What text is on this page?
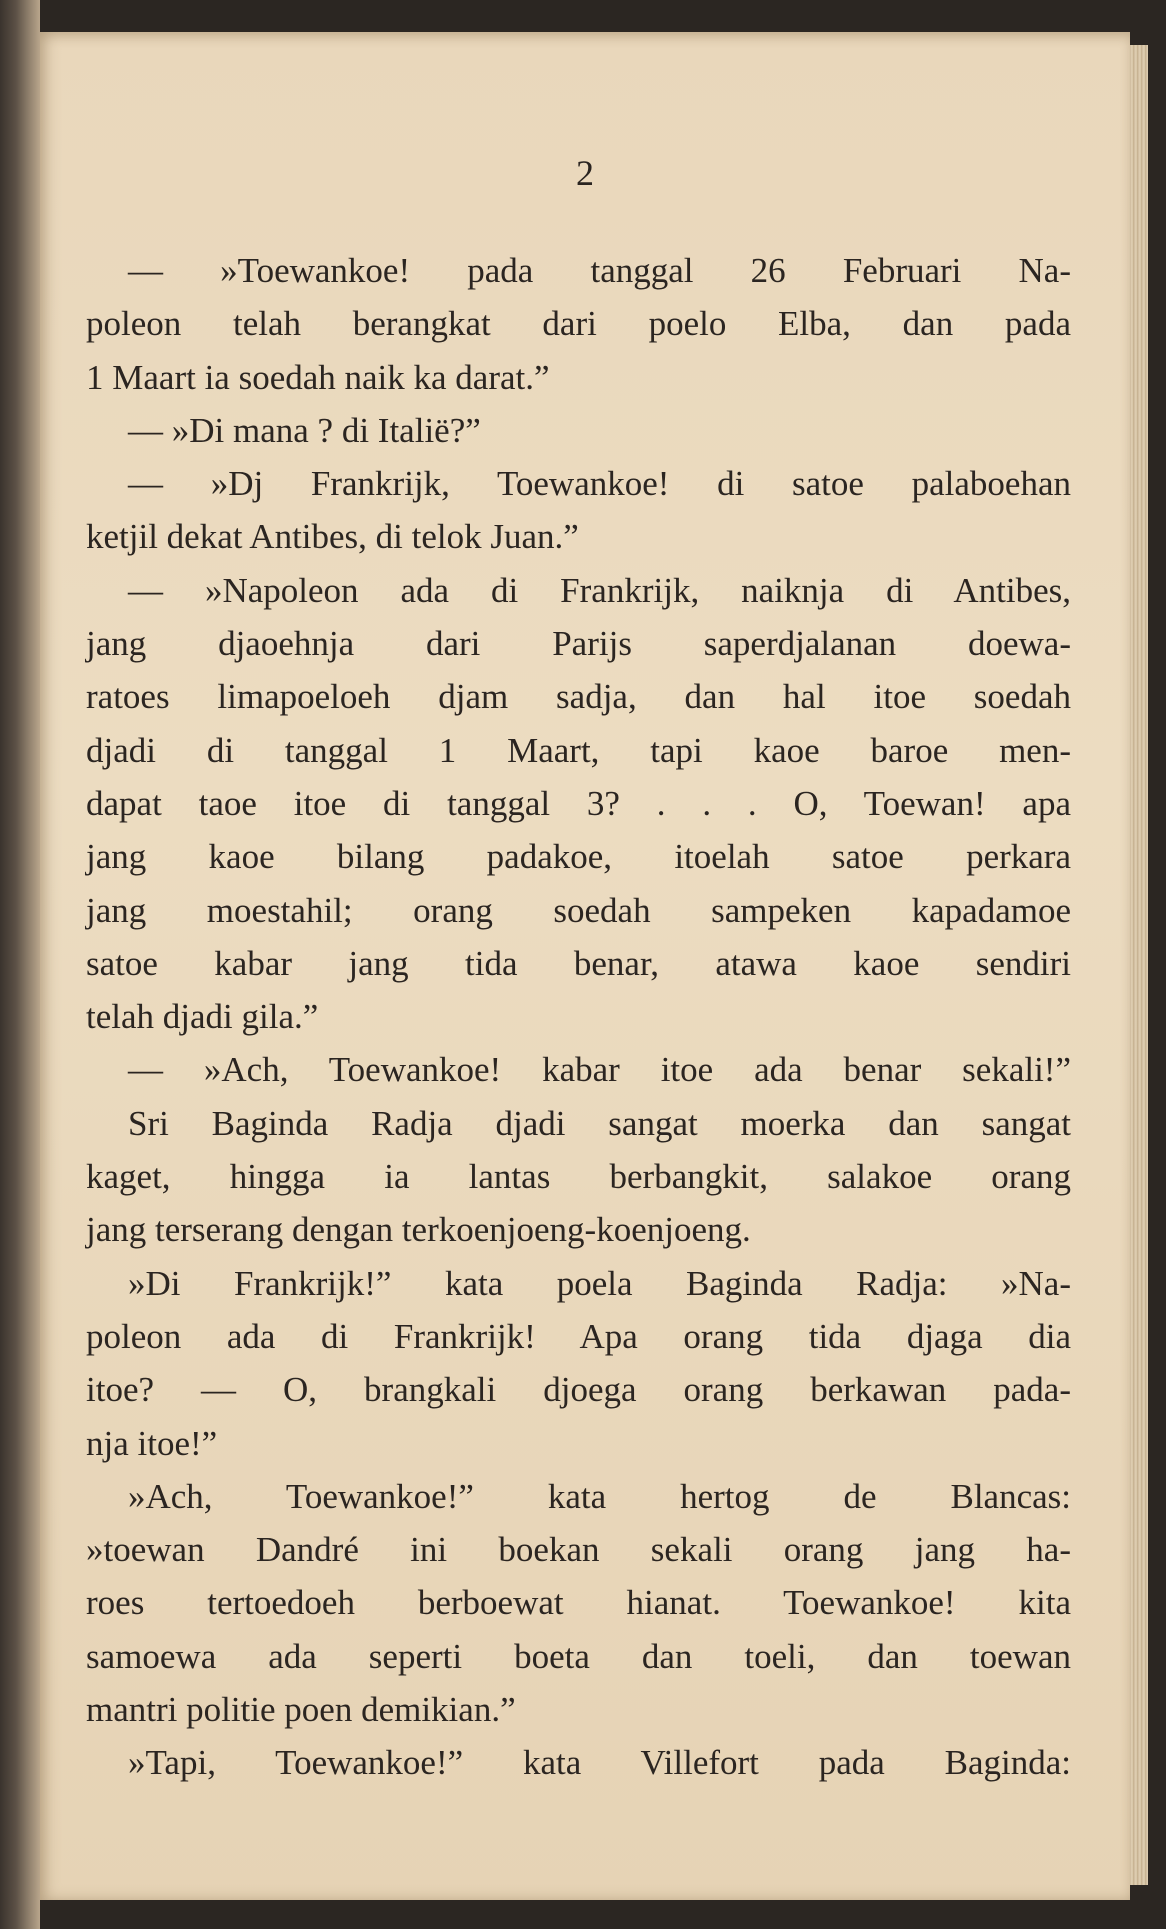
2
— »Toewankoe! pada tanggal 26 Februari Na-
poleon telah berangkat dari poelo Elba, dan pada
1 Maart ia soedah naik ka darat.”
— »Di mana ? di Italië?”
— »Dj Frankrijk, Toewankoe! di satoe palaboehan
ketjil dekat Antibes, di telok Juan.”
— »Napoleon ada di Frankrijk, naiknja di Antibes,
jang djaoehnja dari Parijs saperdjalanan doewa-
ratoes limapoeloeh djam sadja, dan hal itoe soedah
djadi di tanggal 1 Maart, tapi kaoe baroe men-
dapat taoe itoe di tanggal 3? . . . O, Toewan! apa
jang kaoe bilang padakoe, itoelah satoe perkara
jang moestahil; orang soedah sampeken kapadamoe
satoe kabar jang tida benar, atawa kaoe sendiri
telah djadi gila.”
— »Ach, Toewankoe! kabar itoe ada benar sekali!”
Sri Baginda Radja djadi sangat moerka dan sangat
kaget, hingga ia lantas berbangkit, salakoe orang
jang terserang dengan terkoenjoeng-koenjoeng.
»Di Frankrijk!” kata poela Baginda Radja: »Na-
poleon ada di Frankrijk! Apa orang tida djaga dia
itoe? — O, brangkali djoega orang berkawan pada-
nja itoe!”
»Ach, Toewankoe!” kata hertog de Blancas:
»toewan Dandré ini boekan sekali orang jang ha-
roes tertoedoeh berboewat hianat. Toewankoe! kita
samoewa ada seperti boeta dan toeli, dan toewan
mantri politie poen demikian.”
»Tapi, Toewankoe!” kata Villefort pada Baginda:
